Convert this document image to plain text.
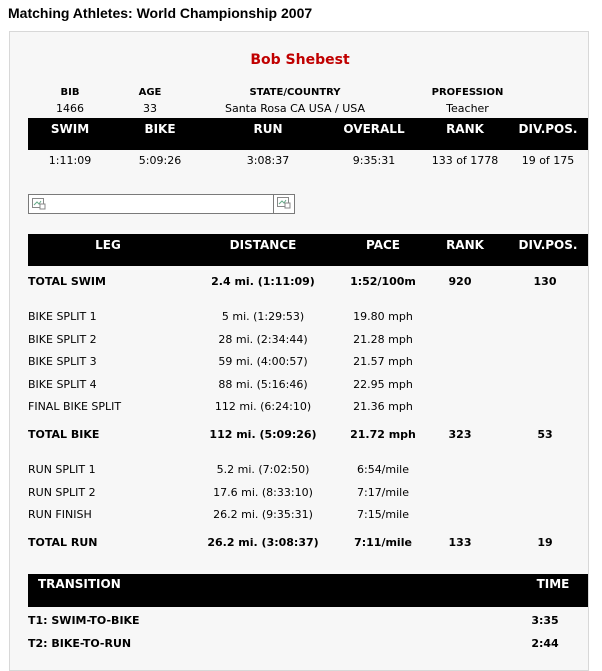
Matching Athletes: World Championship 2007
Bob Shebest
BIB	AGE	STATE/COUNTRY	PROFESSION
1466	33	Santa Rosa CA USA / USA	Teacher
SWIM	BIKE	RUN	OVERALL	RANK	DIV.POS.
1:11:09	5:09:26	3:08:37	9:35:31	133 of 1778	19 of 175
LEG	DISTANCE	PACE	RANK	DIV.POS.
TOTAL SWIM	2.4 mi. (1:11:09)	1:52/100m	920	130
BIKE SPLIT 1	5 mi. (1:29:53)	19.80 mph
BIKE SPLIT 2	28 mi. (2:34:44)	21.28 mph
BIKE SPLIT 3	59 mi. (4:00:57)	21.57 mph
BIKE SPLIT 4	88 mi. (5:16:46)	22.95 mph
FINAL BIKE SPLIT	112 mi. (6:24:10)	21.36 mph
TOTAL BIKE	112 mi. (5:09:26)	21.72 mph	323	53
RUN SPLIT 1	5.2 mi. (7:02:50)	6:54/mile
RUN SPLIT 2	17.6 mi. (8:33:10)	7:17/mile
RUN FINISH	26.2 mi. (9:35:31)	7:15/mile
TOTAL RUN	26.2 mi. (3:08:37)	7:11/mile	133	19
TRANSITION	TIME
T1: SWIM-TO-BIKE	3:35
T2: BIKE-TO-RUN	2:44
